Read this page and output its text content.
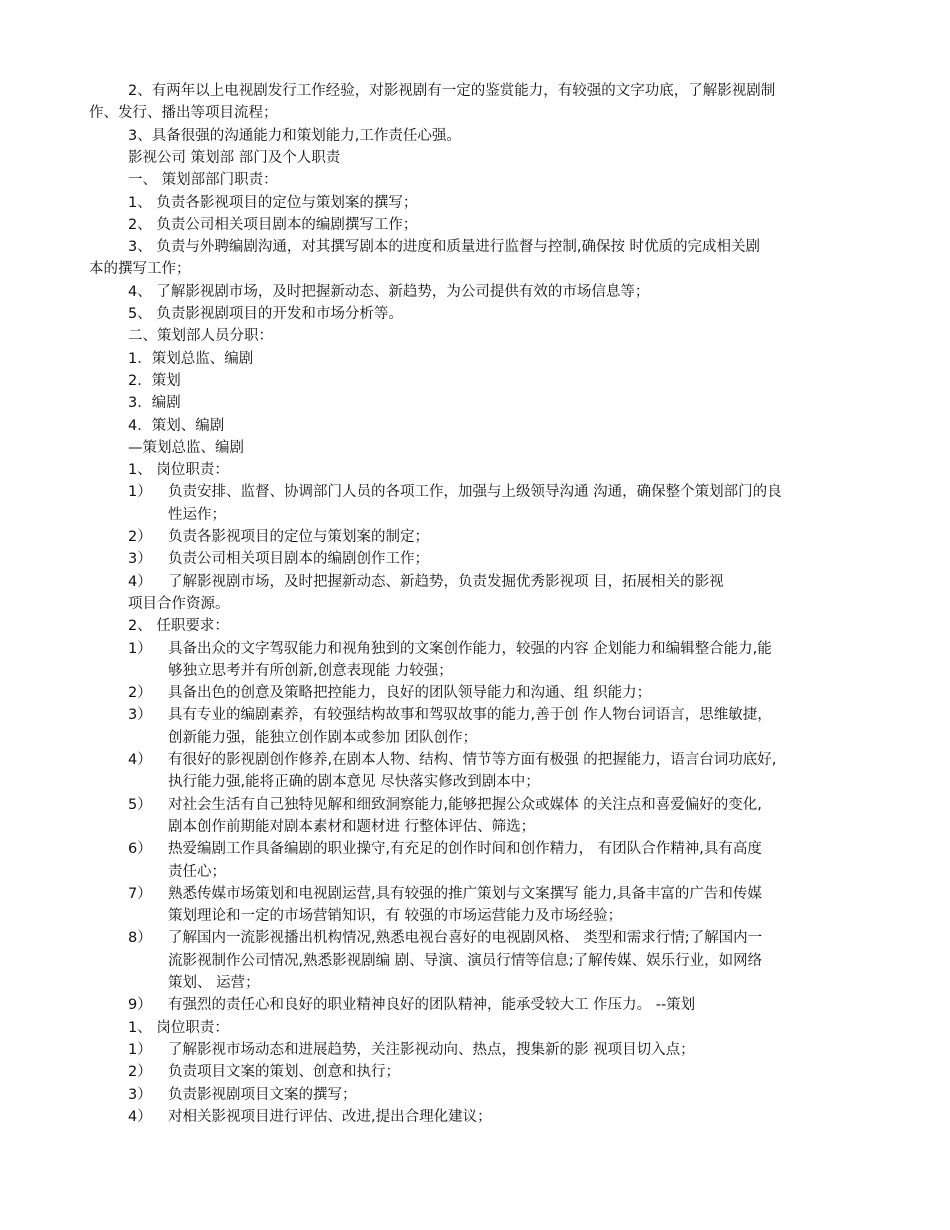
2、有两年以上电视剧发行工作经验，对影视剧有一定的鉴赏能力，有较强的文字功底，了解影视剧制
作、发行、播出等项目流程；
3、具备很强的沟通能力和策划能力,工作责任心强。
影视公司 策划部 部门及个人职责
一、 策划部部门职责：
1、 负责各影视项目的定位与策划案的撰写；
2、 负责公司相关项目剧本的编剧撰写工作；
3、 负责与外聘编剧沟通，对其撰写剧本的进度和质量进行监督与控制,确保按 时优质的完成相关剧
本的撰写工作；
4、 了解影视剧市场，及时把握新动态、新趋势，为公司提供有效的市场信息等；
5、 负责影视剧项目的开发和市场分析等。
二、策划部人员分职：
1．策划总监、编剧
2．策划
3．编剧
4．策划、编剧
—策划总监、编剧
1、 岗位职责：
1） 负责安排、监督、协调部门人员的各项工作，加强与上级领导沟通 沟通，确保整个策划部门的良
性运作；
2） 负责各影视项目的定位与策划案的制定；
3） 负责公司相关项目剧本的编剧创作工作；
4） 了解影视剧市场，及时把握新动态、新趋势，负责发掘优秀影视项 目，拓展相关的影视
项目合作资源。
2、 任职要求：
1） 具备出众的文字驾驭能力和视角独到的文案创作能力，较强的内容 企划能力和编辑整合能力,能
够独立思考并有所创新,创意表现能 力较强；
2） 具备出色的创意及策略把控能力，良好的团队领导能力和沟通、组 织能力；
3） 具有专业的编剧素养，有较强结构故事和驾驭故事的能力,善于创 作人物台词语言，思维敏捷，
创新能力强，能独立创作剧本或参加 团队创作；
4） 有很好的影视剧创作修养,在剧本人物、结构、情节等方面有极强 的把握能力，语言台词功底好,
执行能力强,能将正确的剧本意见 尽快落实修改到剧本中；
5） 对社会生活有自己独特见解和细致洞察能力,能够把握公众或媒体 的关注点和喜爱偏好的变化,
剧本创作前期能对剧本素材和题材进 行整体评估、筛选；
6） 热爱编剧工作具备编剧的职业操守,有充足的创作时间和创作精力， 有团队合作精神,具有高度
责任心；
7） 熟悉传媒市场策划和电视剧运营,具有较强的推广策划与文案撰写 能力,具备丰富的广告和传媒
策划理论和一定的市场营销知识，有 较强的市场运营能力及市场经验；
8） 了解国内一流影视播出机构情况,熟悉电视台喜好的电视剧风格、 类型和需求行情;了解国内一
流影视制作公司情况,熟悉影视剧编 剧、导演、演员行情等信息;了解传媒、娱乐行业，如网络
策划、 运营；
9） 有强烈的责任心和良好的职业精神良好的团队精神，能承受较大工 作压力。 --策划
1、 岗位职责：
1） 了解影视市场动态和进展趋势，关注影视动向、热点，搜集新的影 视项目切入点；
2） 负责项目文案的策划、创意和执行；
3） 负责影视剧项目文案的撰写；
4） 对相关影视项目进行评估、改进,提出合理化建议；
